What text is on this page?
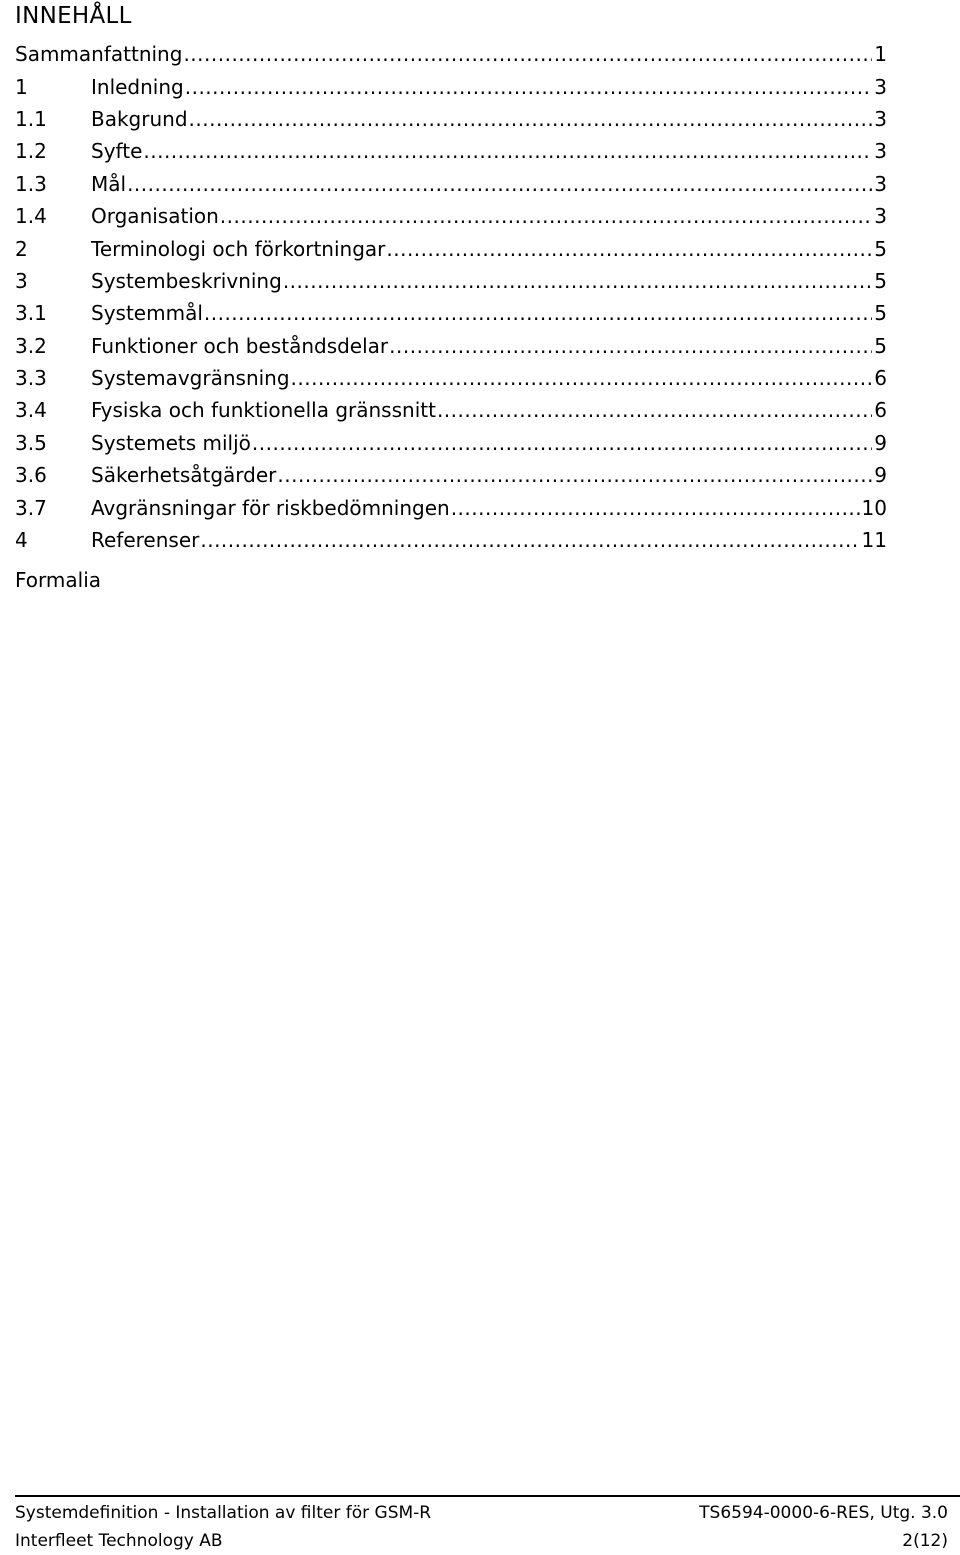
INNEHÅLL
Sammanfattning .....	1
1	Inledning .....	3
1.1	Bakgrund .....	3
1.2	Syfte .....	3
1.3	Mål .....	3
1.4	Organisation .....	3
2	Terminologi och förkortningar .....	5
3	Systembeskrivning .....	5
3.1	Systemmål .....	5
3.2	Funktioner och beståndsdelar .....	5
3.3	Systemavgränsning .....	6
3.4	Fysiska och funktionella gränssnitt .....	6
3.5	Systemets miljö .....	9
3.6	Säkerhetsåtgärder .....	9
3.7	Avgränsningar för riskbedömningen .....	10
4	Referenser .....	11

Formalia

Systemdefinition - Installation av filter för GSM-R	TS6594-0000-6-RES, Utg. 3.0
Interfleet Technology AB	2(12)
